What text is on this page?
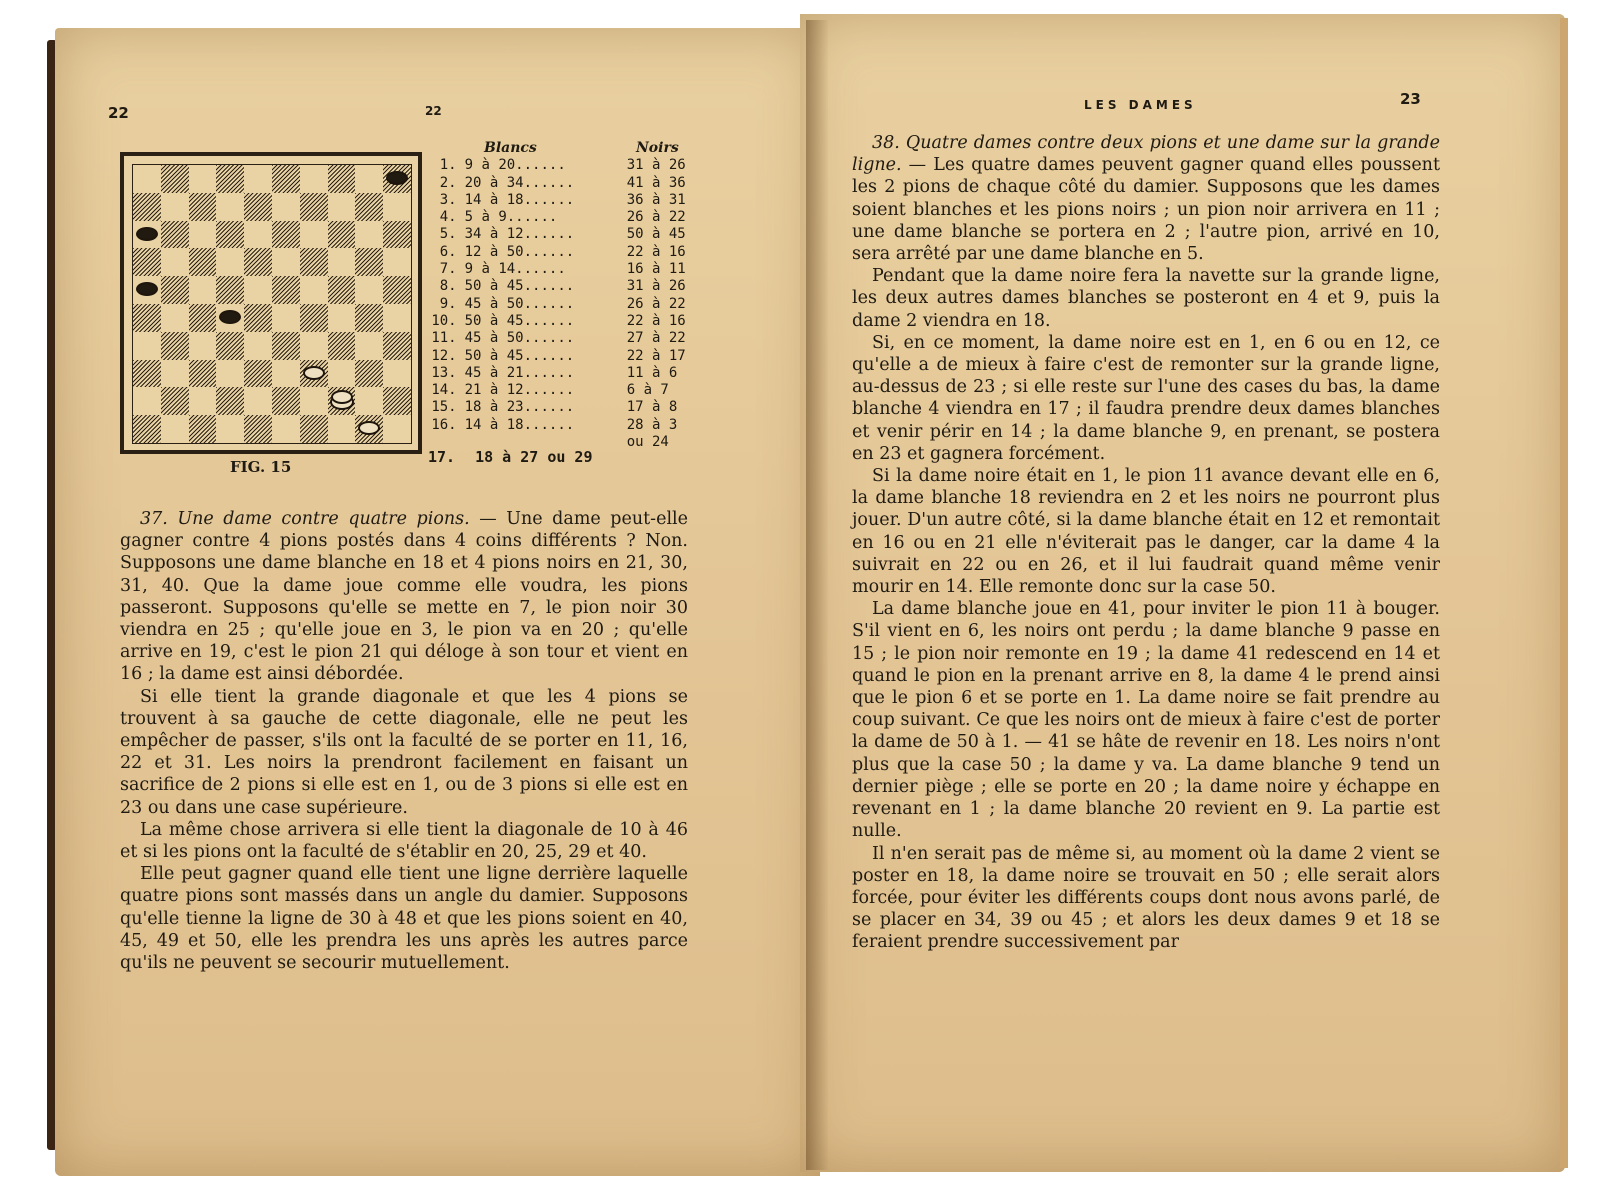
22	22
FIG. 15
Blancs	Noirs
1. 9 à 20......	31 à 26
2. 20 à 34......	41 à 36
3. 14 à 18......	36 à 31
4. 5 à 9......	26 à 22
5. 34 à 12......	50 à 45
6. 12 à 50......	22 à 16
7. 9 à 14......	16 à 11
8. 50 à 45......	31 à 26
9. 45 à 50......	26 à 22
10. 50 à 45......	22 à 16
11. 45 à 50......	27 à 22
12. 50 à 45......	22 à 17
13. 45 à 21......	11 à 6
14. 21 à 12......	6 à 7
15. 18 à 23......	17 à 8
16. 14 à 18......	28 à 3
ou 24
17. 18 à 27 ou 29

37. Une dame contre quatre pions. — Une dame peut-elle gagner contre 4 pions postés dans 4 coins différents ? Non. Supposons une dame blanche en 18 et 4 pions noirs en 21, 30, 31, 40. Que la dame joue comme elle voudra, les pions passeront. Supposons qu'elle se mette en 7, le pion noir 30 viendra en 25 ; qu'elle joue en 3, le pion va en 20 ; qu'elle arrive en 19, c'est le pion 21 qui déloge à son tour et vient en 16 ; la dame est ainsi débordée.

Si elle tient la grande diagonale et que les 4 pions se trouvent à sa gauche de cette diagonale, elle ne peut les empêcher de passer, s'ils ont la faculté de se porter en 11, 16, 22 et 31. Les noirs la prendront facilement en faisant un sacrifice de 2 pions si elle est en 1, ou de 3 pions si elle est en 23 ou dans une case supérieure.

La même chose arrivera si elle tient la diagonale de 10 à 46 et si les pions ont la faculté de s'établir en 20, 25, 29 et 40.

Elle peut gagner quand elle tient une ligne derrière laquelle quatre pions sont massés dans un angle du damier. Supposons qu'elle tienne la ligne de 30 à 48 et que les pions soient en 40, 45, 49 et 50, elle les prendra les uns après les autres parce qu'ils ne peuvent se secourir mutuellement.

LES DAMES	23

38. Quatre dames contre deux pions et une dame sur la grande ligne. — Les quatre dames peuvent gagner quand elles poussent les 2 pions de chaque côté du damier. Supposons que les dames soient blanches et les pions noirs ; un pion noir arrivera en 11 ; une dame blanche se portera en 2 ; l'autre pion, arrivé en 10, sera arrêté par une dame blanche en 5.

Pendant que la dame noire fera la navette sur la grande ligne, les deux autres dames blanches se posteront en 4 et 9, puis la dame 2 viendra en 18.

Si, en ce moment, la dame noire est en 1, en 6 ou en 12, ce qu'elle a de mieux à faire c'est de remonter sur la grande ligne, au-dessus de 23 ; si elle reste sur l'une des cases du bas, la dame blanche 4 viendra en 17 ; il faudra prendre deux dames blanches et venir périr en 14 ; la dame blanche 9, en prenant, se postera en 23 et gagnera forcément.

Si la dame noire était en 1, le pion 11 avance devant elle en 6, la dame blanche 18 reviendra en 2 et les noirs ne pourront plus jouer. D'un autre côté, si la dame blanche était en 12 et remontait en 16 ou en 21 elle n'éviterait pas le danger, car la dame 4 la suivrait en 22 ou en 26, et il lui faudrait quand même venir mourir en 14. Elle remonte donc sur la case 50.

La dame blanche joue en 41, pour inviter le pion 11 à bouger. S'il vient en 6, les noirs ont perdu ; la dame blanche 9 passe en 15 ; le pion noir remonte en 19 ; la dame 41 redescend en 14 et quand le pion en la prenant arrive en 8, la dame 4 le prend ainsi que le pion 6 et se porte en 1. La dame noire se fait prendre au coup suivant. Ce que les noirs ont de mieux à faire c'est de porter la dame de 50 à 1. — 41 se hâte de revenir en 18. Les noirs n'ont plus que la case 50 ; la dame y va. La dame blanche 9 tend un dernier piège ; elle se porte en 20 ; la dame noire y échappe en revenant en 1 ; la dame blanche 20 revient en 9. La partie est nulle.

Il n'en serait pas de même si, au moment où la dame 2 vient se poster en 18, la dame noire se trouvait en 50 ; elle serait alors forcée, pour éviter les différents coups dont nous avons parlé, de se placer en 34, 39 ou 45 ; et alors les deux dames 9 et 18 se feraient prendre successivement par
